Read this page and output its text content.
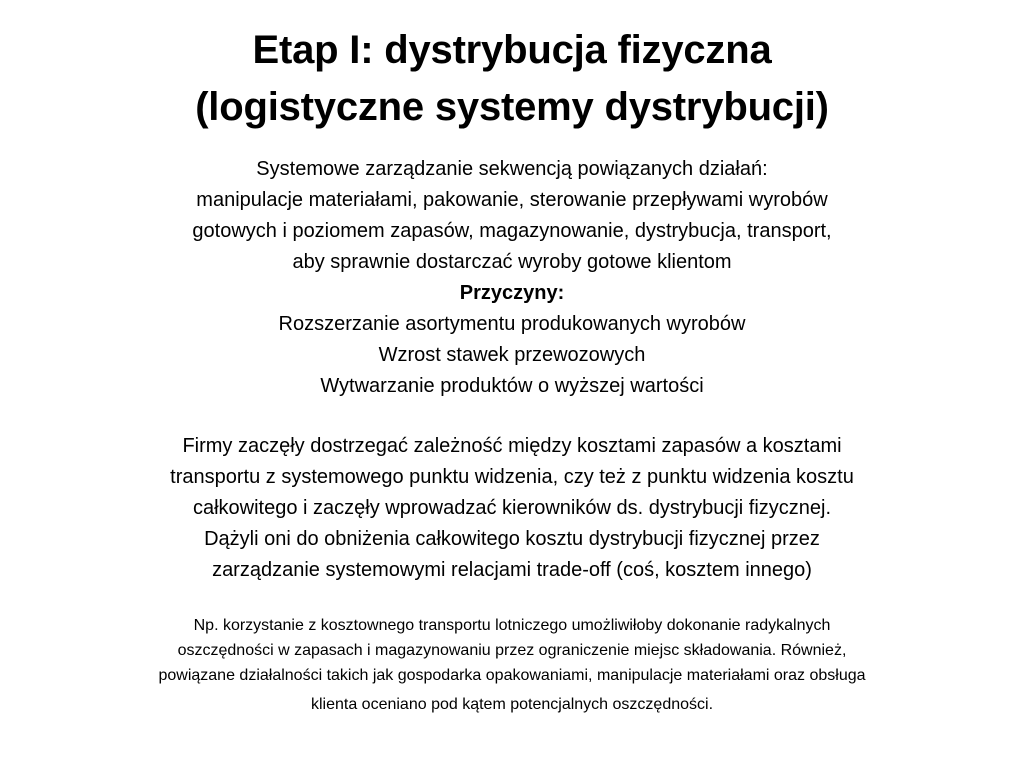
Etap I: dystrybucja fizyczna
(logistyczne systemy dystrybucji)
Systemowe zarządzanie sekwencją powiązanych działań:
manipulacje materiałami, pakowanie, sterowanie przepływami wyrobów
gotowych i poziomem zapasów, magazynowanie, dystrybucja, transport,
aby sprawnie dostarczać wyroby gotowe klientom
Przyczyny:
Rozszerzanie asortymentu produkowanych wyrobów
Wzrost stawek przewozowych
Wytwarzanie produktów o wyższej wartości
Firmy zaczęły dostrzegać zależność między kosztami zapasów a kosztami
transportu z systemowego punktu widzenia, czy też z punktu widzenia kosztu
całkowitego i zaczęły wprowadzać kierowników ds. dystrybucji fizycznej.
Dążyli oni do obniżenia całkowitego kosztu dystrybucji fizycznej przez
zarządzanie systemowymi relacjami trade-off (coś, kosztem innego)
Np. korzystanie z kosztownego transportu lotniczego umożliwiłoby dokonanie radykalnych
oszczędności w zapasach i magazynowaniu przez ograniczenie miejsc składowania. Również,
powiązane działalności takich jak gospodarka opakowaniami, manipulacje materiałami oraz obsługa
klienta oceniano pod kątem potencjalnych oszczędności.
